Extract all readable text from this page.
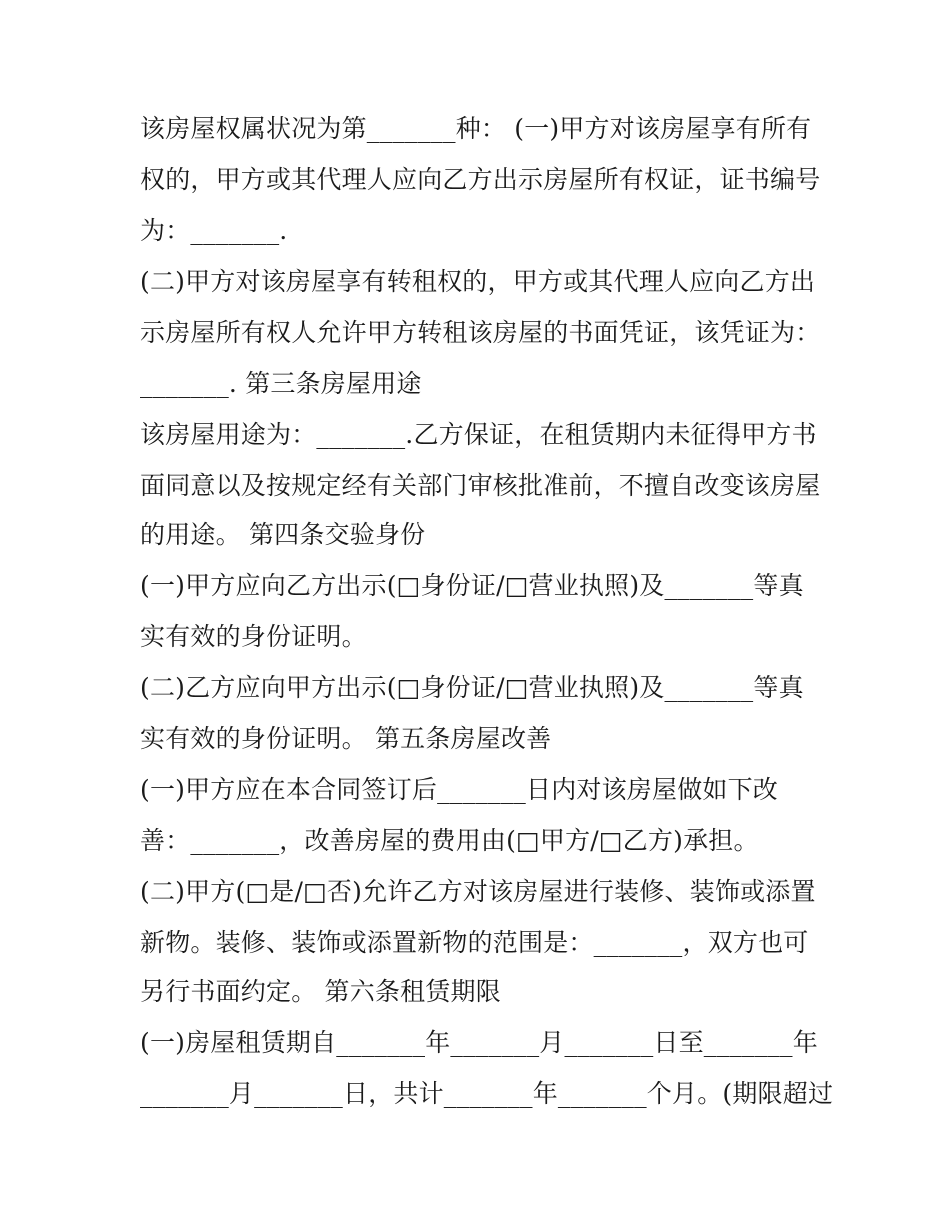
该房屋权属状况为第_______种： (一)甲方对该房屋享有所有
权的，甲方或其代理人应向乙方出示房屋所有权证，证书编号
为：_______.
(二)甲方对该房屋享有转租权的，甲方或其代理人应向乙方出
示房屋所有权人允许甲方转租该房屋的书面凭证，该凭证为：
_______. 第三条房屋用途
该房屋用途为：_______.乙方保证，在租赁期内未征得甲方书
面同意以及按规定经有关部门审核批准前，不擅自改变该房屋
的用途。 第四条交验身份
(一)甲方应向乙方出示(□身份证/□营业执照)及_______等真
实有效的身份证明。
(二)乙方应向甲方出示(□身份证/□营业执照)及_______等真
实有效的身份证明。 第五条房屋改善
(一)甲方应在本合同签订后_______日内对该房屋做如下改
善：_______，改善房屋的费用由(□甲方/□乙方)承担。
(二)甲方(□是/□否)允许乙方对该房屋进行装修、装饰或添置
新物。装修、装饰或添置新物的范围是：_______，双方也可
另行书面约定。 第六条租赁期限
(一)房屋租赁期自_______年_______月_______日至_______年
_______月_______日，共计_______年_______个月。(期限超过
